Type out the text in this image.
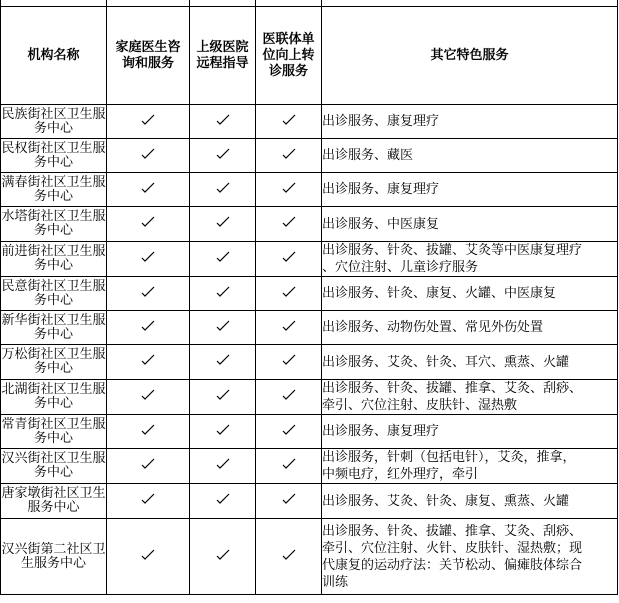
机构名称	家庭医生咨询和服务	上级医院远程指导	医联体单位向上转诊服务	其它特色服务
民族街社区卫生服务中心				出诊服务、康复理疗

民权街社区卫生服务中心				出诊服务、藏医

满春街社区卫生服务中心				出诊服务、康复理疗

水塔街社区卫生服务中心				出诊服务、中医康复

前进街社区卫生服务中心				出诊服务、针灸、拔罐、艾灸等中医康复理疗
、穴位注射、儿童诊疗服务

民意街社区卫生服务中心				出诊服务、针灸、康复、火罐、中医康复

新华街社区卫生服务中心				出诊服务、动物伤处置、常见外伤处置

万松街社区卫生服务中心				出诊服务、艾灸、针灸、耳穴、熏蒸、火罐

北湖街社区卫生服务中心				出诊服务、针灸、拔罐、推拿、艾灸、刮痧、
牵引、穴位注射、皮肤针、湿热敷

常青街社区卫生服务中心				出诊服务、康复理疗

汉兴街社区卫生服务中心				出诊服务，针刺（包括电针），艾灸，推拿，
中频电疗，红外理疗，牵引

唐家墩街社区卫生服务中心				出诊服务、艾灸、针灸、康复、熏蒸、火罐

汉兴街第二社区卫生服务中心				出诊服务、针灸、拔罐、推拿、艾灸、刮痧、
牵引、穴位注射、火针、皮肤针、湿热敷；现
代康复的运动疗法：关节松动、偏瘫肢体综合
训练
